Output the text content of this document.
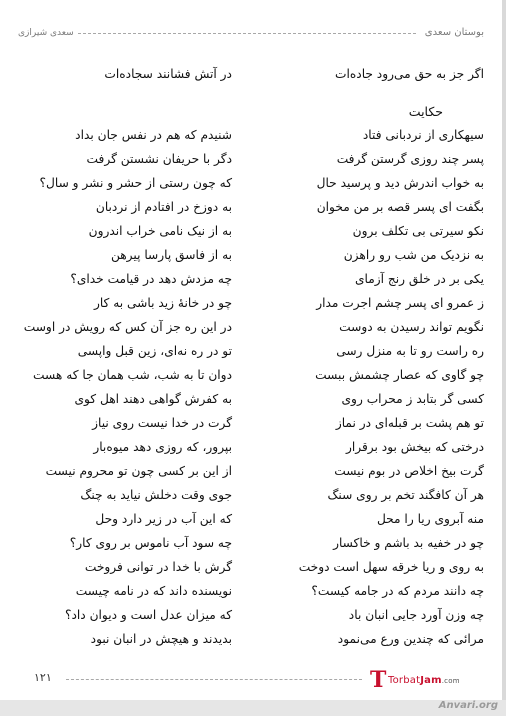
سعدی شیرازی	بوستان سعدی
اگر جز به حق می‌رود جاده‌ات
در آتش فشانند سجاده‌ات
حکایت
سیهکاری از نردبانی فتاد
شنیدم که هم در نفس جان بداد
پسر چند روزی گرستن گرفت
دگر با حریفان نشستن گرفت
به خواب اندرش دید و پرسید حال
که چون رستی از حشر و نشر و سال؟
بگفت ای پسر قصه بر من مخوان
به دوزخ در افتادم از نردبان
نکو سیرتی بی تکلف برون
به از نیک نامی خراب اندرون
به نزدیک من شب رو راهزن
به از فاسق پارسا پیرهن
یکی بر در خلق رنج آزمای
چه مزدش دهد در قیامت خدای؟
ز عمرو ای پسر چشم اجرت مدار
چو در خانهٔ زید باشی به کار
نگویم تواند رسیدن به دوست
در این ره جز آن کس که رویش در اوست
ره راست رو تا به منزل رسی
تو در ره نه‌ای، زین قبل واپسی
چو گاوی که عصار چشمش ببست
دوان تا به شب، شب همان جا که هست
کسی گر بتابد ز محراب روی
به کفرش گواهی دهند اهل کوی
تو هم پشت بر قبله‌ای در نماز
گرت در خدا نیست روی نیاز
درختی که بیخش بود برقرار
بپرور، که روزی دهد میوه‌بار
گرت بیخ اخلاص در بوم نیست
از این بر کسی چون تو محروم نیست
هر آن کافگند تخم بر روی سنگ
جوی وقت دخلش نیاید به چنگ
منه آبروی ریا را محل
که این آب در زیر دارد وحل
چو در خفیه بد باشم و خاکسار
چه سود آب ناموس بر روی کار؟
به روی و ریا خرقه سهل است دوخت
گرش با خدا در توانی فروخت
چه دانند مردم که در جامه کیست؟
نویسنده داند که در نامه چیست
چه وزن آورد جایی انبان باد
که میزان عدل است و دیوان داد؟
مرائی که چندین ورع می‌نمود
بدیدند و هیچش در انبان نبود
۱۲۱	T TorbatJam.com
Anvari.org
